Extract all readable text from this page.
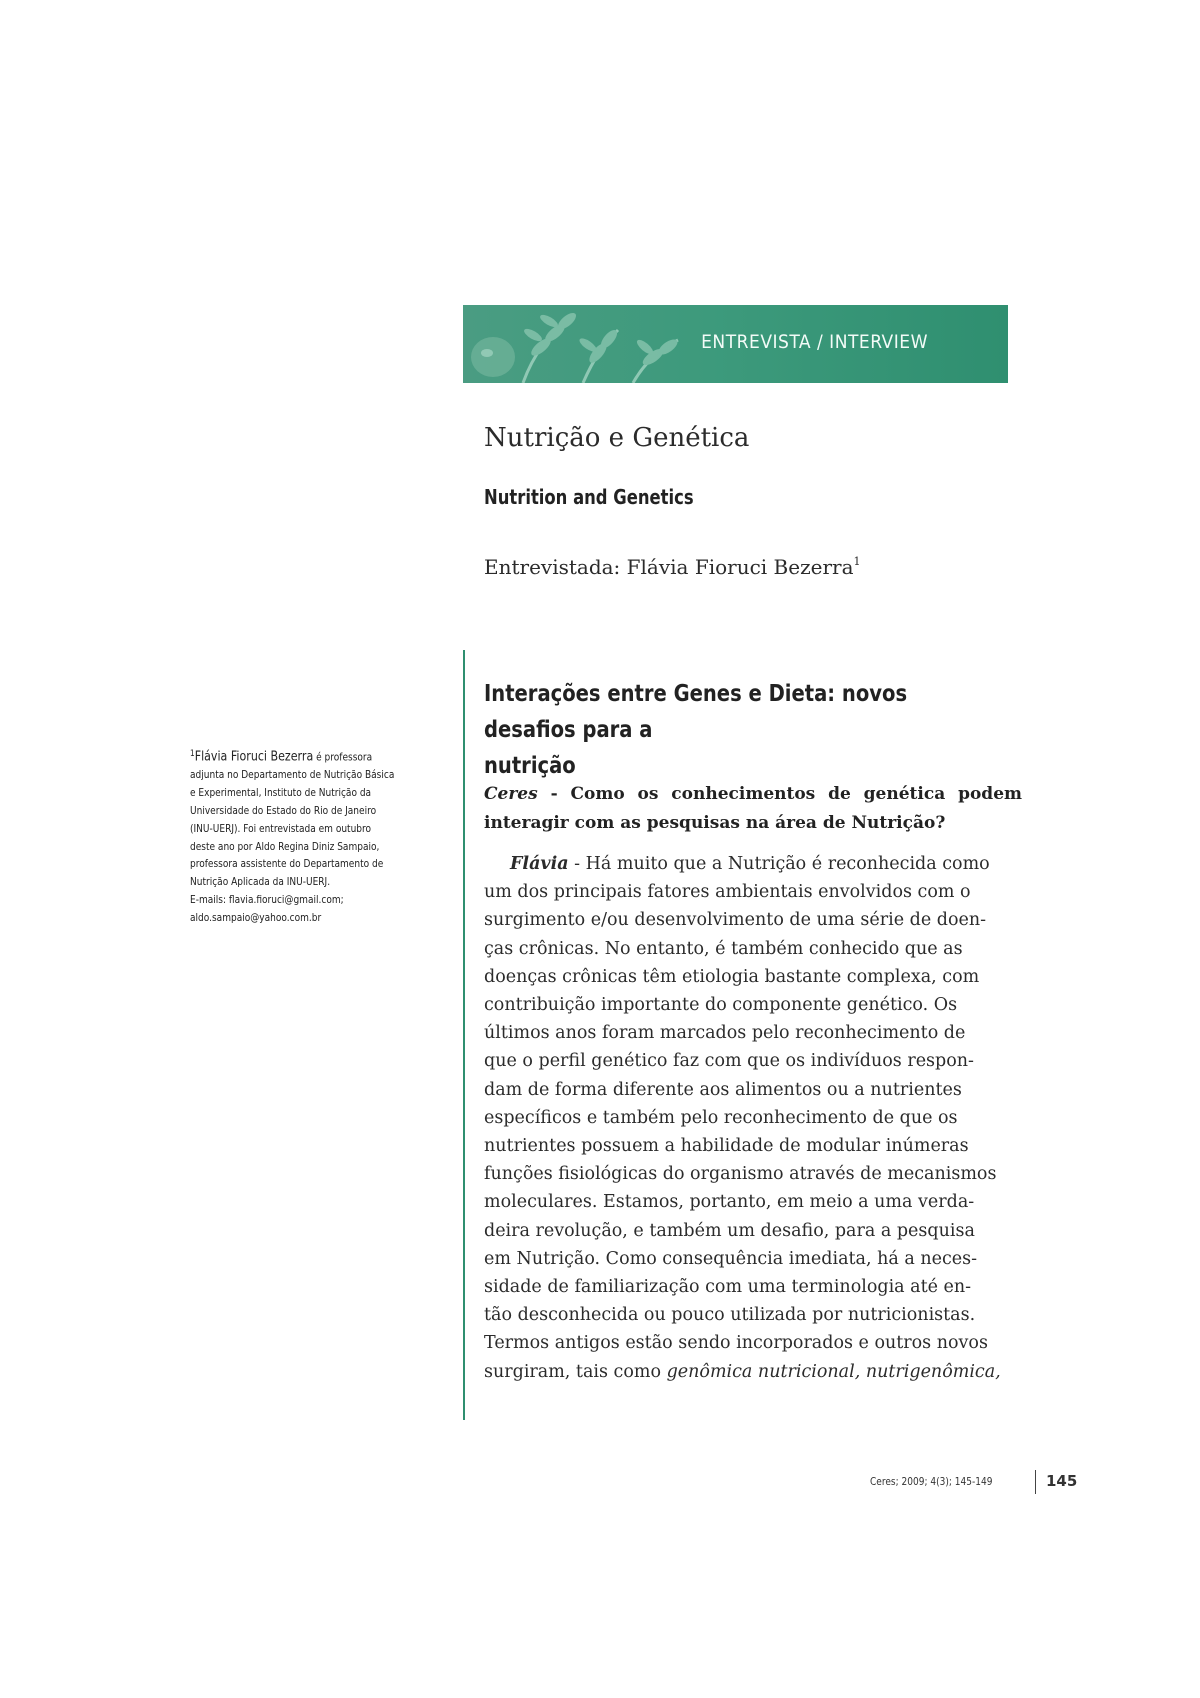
ENTREVISTA / INTERVIEW
Nutrição e Genética
Nutrition and Genetics
Entrevistada: Flávia Fioruci Bezerra$^1$
Interações entre Genes e Dieta: novos desafios para a
nutrição
Ceres - Como os conhecimentos de genética podem interagir com as pesquisas na área de Nutrição?
Flávia - Há muito que a Nutrição é reconhecida como
um dos principais fatores ambientais envolvidos com o
surgimento e/ou desenvolvimento de uma série de doen-
ças crônicas. No entanto, é também conhecido que as
doenças crônicas têm etiologia bastante complexa, com
contribuição importante do componente genético. Os
últimos anos foram marcados pelo reconhecimento de
que o perfil genético faz com que os indivíduos respon-
dam de forma diferente aos alimentos ou a nutrientes
específicos e também pelo reconhecimento de que os
nutrientes possuem a habilidade de modular inúmeras
funções fisiológicas do organismo através de mecanismos
moleculares. Estamos, portanto, em meio a uma verda-
deira revolução, e também um desafio, para a pesquisa
em Nutrição. Como consequência imediata, há a neces-
sidade de familiarização com uma terminologia até en-
tão desconhecida ou pouco utilizada por nutricionistas.
Termos antigos estão sendo incorporados e outros novos
surgiram, tais como genômica nutricional, nutrigenômica,
$^1$Flávia Fioruci Bezerra é professora
adjunta no Departamento de Nutrição Básica
e Experimental, Instituto de Nutrição da
Universidade do Estado do Rio de Janeiro
(INU-UERJ). Foi entrevistada em outubro
deste ano por Aldo Regina Diniz Sampaio,
professora assistente do Departamento de
Nutrição Aplicada da INU-UERJ.
E-mails: flavia.fioruci@gmail.com;
aldo.sampaio@yahoo.com.br
Ceres; 2009; 4(3); 145-149	145
